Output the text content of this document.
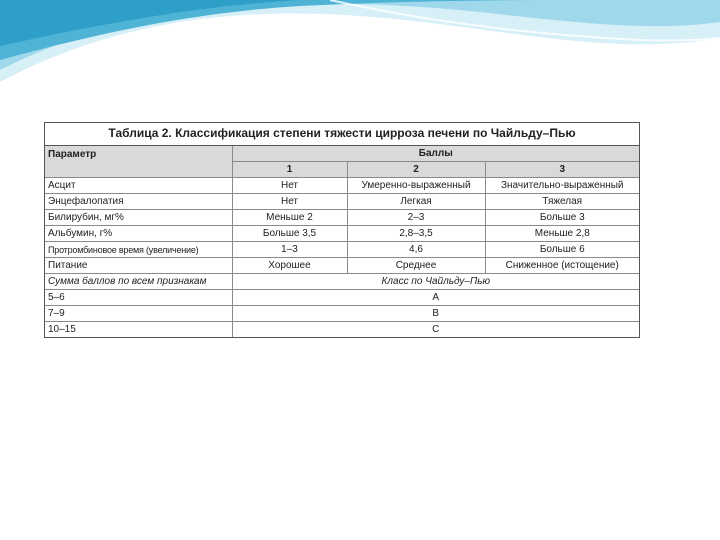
Таблица 2. Классификация степени тяжести цирроза печени по Чайльду–Пью
Параметр	Баллы		
	1	2	3
Асцит	Нет	Умеренно-выраженный	Значительно-выраженный
Энцефалопатия	Нет	Легкая	Тяжелая
Билирубин, мг%	Меньше 2	2–3	Больше 3
Альбумин, г%	Больше 3,5	2,8–3,5	Меньше 2,8
Протромбиновое время (увеличение)	1–3	4,6	Больше 6
Питание	Хорошее	Среднее	Сниженное (истощение)
Сумма баллов по всем признакам	Класс по Чайльду–Пью		
5–6	A		
7–9	B		
10–15	C		
